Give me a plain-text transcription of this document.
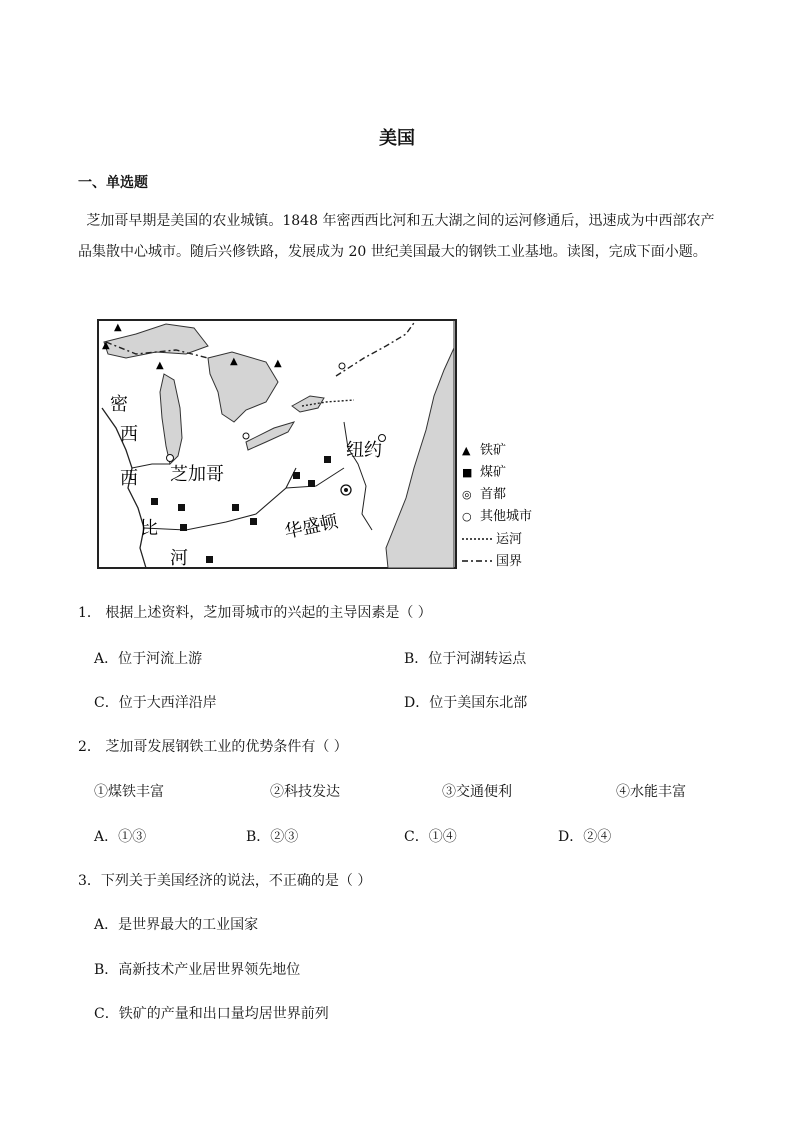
美国
一、单选题

芝加哥早期是美国的农业城镇。1848 年密西西比河和五大湖之间的运河修通后，迅速成为中西部农产品集散中心城市。随后兴修铁路，发展成为 20 世纪美国最大的钢铁工业基地。读图，完成下面小题。

▲
▲
▲	▲	▲
密
西
西
比
河
芝加哥
纽约
华盛顿
▲ 铁矿
■ 煤矿
◎ 首都
○ 其他城市
运河
国界
1． 根据上述资料，芝加哥城市的兴起的主导因素是（ ）
A．位于河流上游	B．位于河湖转运点
C．位于大西洋沿岸	D．位于美国东北部
2． 芝加哥发展钢铁工业的优势条件有（ ）
①煤铁丰富	②科技发达	③交通便利	④水能丰富
A．①③	B．②③	C．①④	D．②④
3．下列关于美国经济的说法，不正确的是（ ）
A．是世界最大的工业国家
B．高新技术产业居世界领先地位
C．铁矿的产量和出口量均居世界前列
